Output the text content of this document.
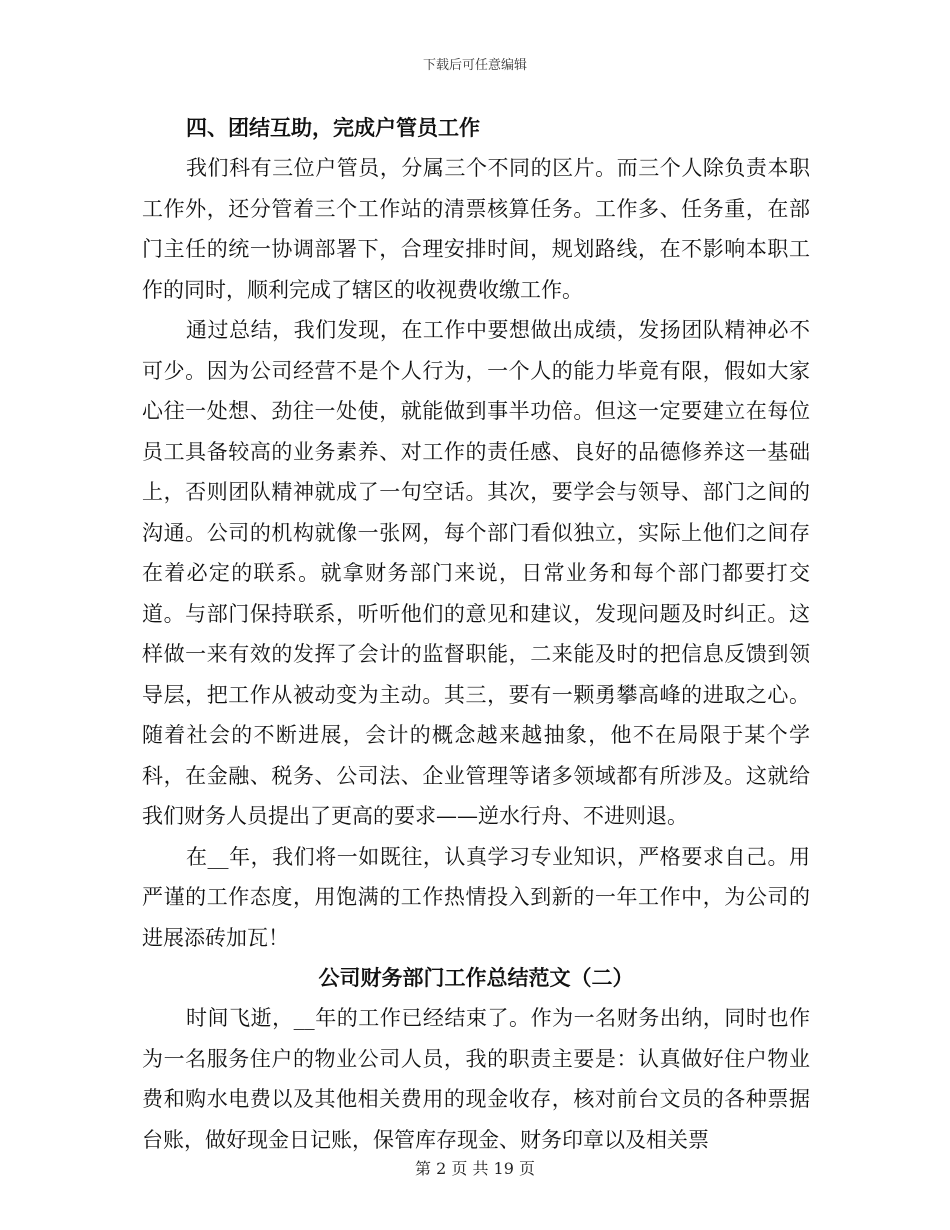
下载后可任意编辑

四、团结互助，完成户管员工作

我们科有三位户管员，分属三个不同的区片。而三个人除负责本职工作外，还分管着三个工作站的清票核算任务。工作多、任务重，在部门主任的统一协调部署下，合理安排时间，规划路线，在不影响本职工作的同时，顺利完成了辖区的收视费收缴工作。

通过总结，我们发现，在工作中要想做出成绩，发扬团队精神必不可少。因为公司经营不是个人行为，一个人的能力毕竟有限，假如大家心往一处想、劲往一处使，就能做到事半功倍。但这一定要建立在每位员工具备较高的业务素养、对工作的责任感、良好的品德修养这一基础上，否则团队精神就成了一句空话。其次，要学会与领导、部门之间的沟通。公司的机构就像一张网，每个部门看似独立，实际上他们之间存在着必定的联系。就拿财务部门来说，日常业务和每个部门都要打交道。与部门保持联系，听听他们的意见和建议，发现问题及时纠正。这样做一来有效的发挥了会计的监督职能，二来能及时的把信息反馈到领导层，把工作从被动变为主动。其三，要有一颗勇攀高峰的进取之心。随着社会的不断进展，会计的概念越来越抽象，他不在局限于某个学科，在金融、税务、公司法、企业管理等诸多领域都有所涉及。这就给我们财务人员提出了更高的要求——逆水行舟、不进则退。

在__年，我们将一如既往，认真学习专业知识，严格要求自己。用严谨的工作态度，用饱满的工作热情投入到新的一年工作中，为公司的进展添砖加瓦！

公司财务部门工作总结范文（二）

时间飞逝，__年的工作已经结束了。作为一名财务出纳，同时也作为一名服务住户的物业公司人员，我的职责主要是：认真做好住户物业费和购水电费以及其他相关费用的现金收存，核对前台文员的各种票据台账，做好现金日记账，保管库存现金、财务印章以及相关票

第 2 页 共 19 页
